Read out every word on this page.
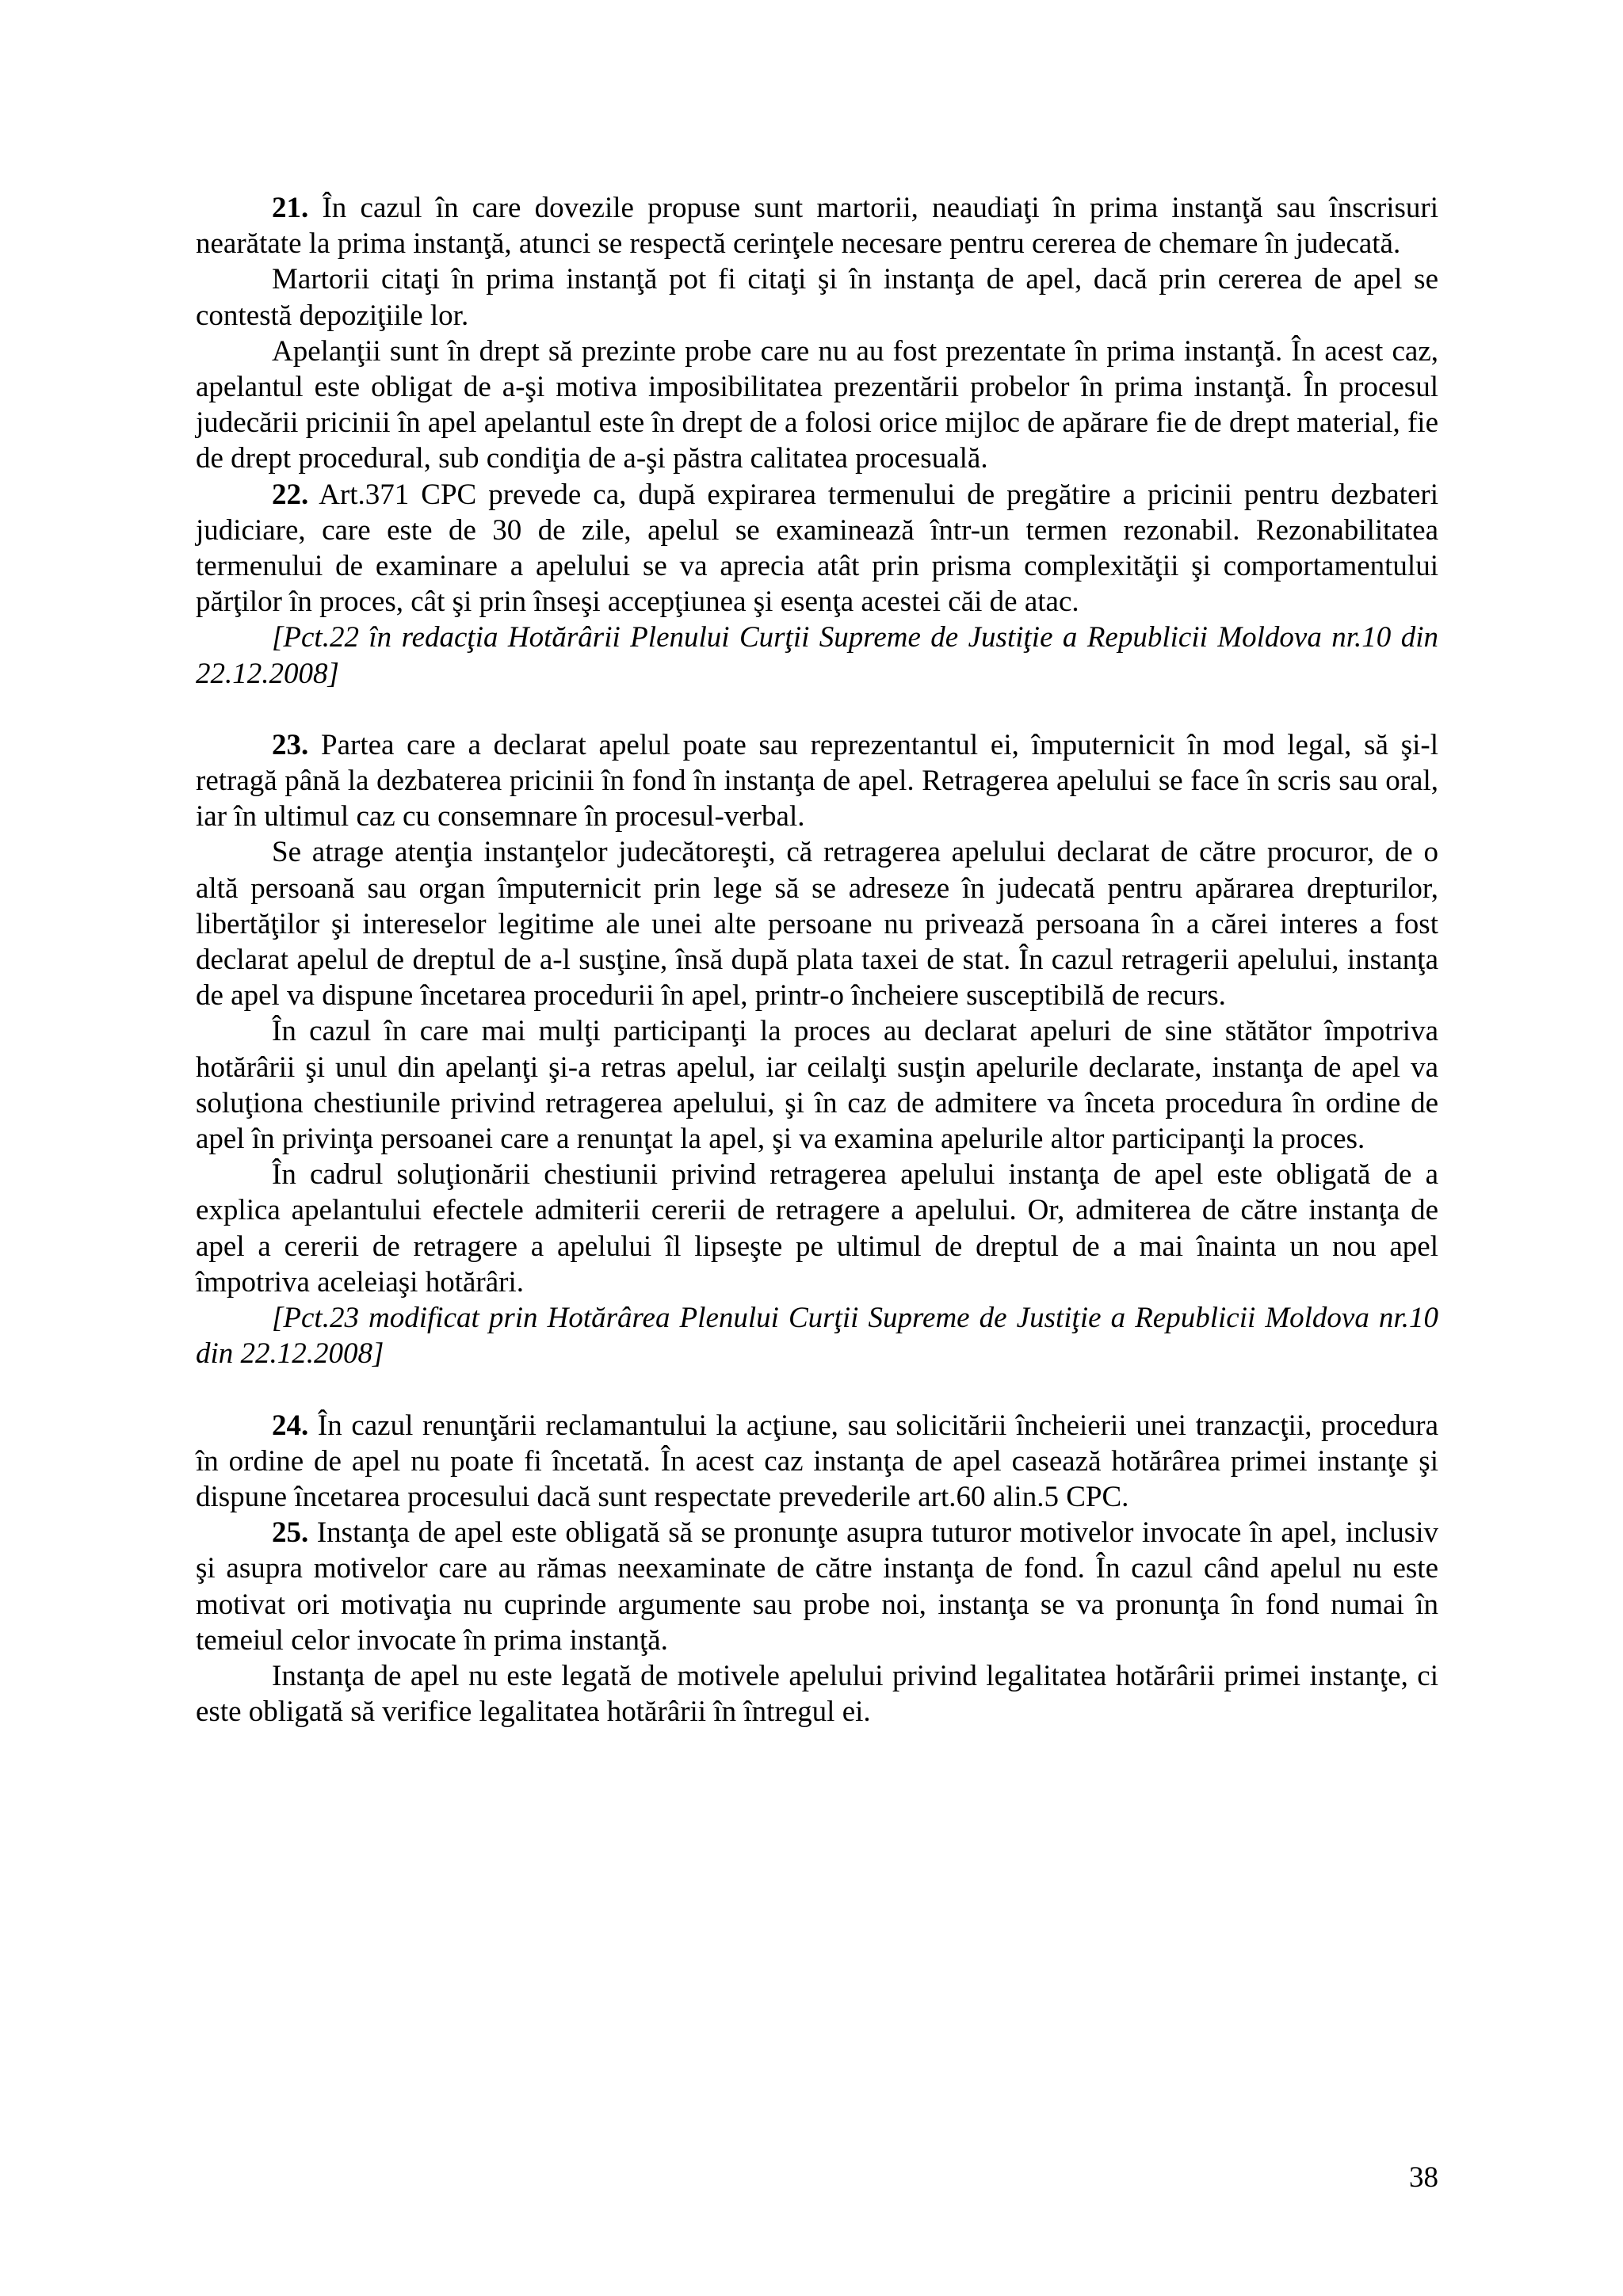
21. În cazul în care dovezile propuse sunt martorii, neaudiaţi în prima instanţă sau înscrisuri nearătate la prima instanţă, atunci se respectă cerinţele necesare pentru cererea de chemare în judecată.

Martorii citaţi în prima instanţă pot fi citaţi şi în instanţa de apel, dacă prin cererea de apel se contestă depoziţiile lor.

Apelanţii sunt în drept să prezinte probe care nu au fost prezentate în prima instanţă. În acest caz, apelantul este obligat de a-şi motiva imposibilitatea prezentării probelor în prima instanţă. În procesul judecării pricinii în apel apelantul este în drept de a folosi orice mijloc de apărare fie de drept material, fie de drept procedural, sub condiţia de a-şi păstra calitatea procesuală.

22. Art.371 CPC prevede ca, după expirarea termenului de pregătire a pricinii pentru dezbateri judiciare, care este de 30 de zile, apelul se examinează într-un termen rezonabil. Rezonabilitatea termenului de examinare a apelului se va aprecia atât prin prisma complexităţii şi comportamentului părţilor în proces, cât şi prin înseşi accepţiunea şi esenţa acestei căi de atac.

[Pct.22 în redacţia Hotărârii Plenului Curţii Supreme de Justiţie a Republicii Moldova nr.10 din 22.12.2008]

23. Partea care a declarat apelul poate sau reprezentantul ei, împuternicit în mod legal, să şi-l retragă până la dezbaterea pricinii în fond în instanţa de apel. Retragerea apelului se face în scris sau oral, iar în ultimul caz cu consemnare în procesul-verbal.

Se atrage atenţia instanţelor judecătoreşti, că retragerea apelului declarat de către procuror, de o altă persoană sau organ împuternicit prin lege să se adreseze în judecată pentru apărarea drepturilor, libertăţilor şi intereselor legitime ale unei alte persoane nu privează persoana în a cărei interes a fost declarat apelul de dreptul de a-l susţine, însă după plata taxei de stat. În cazul retragerii apelului, instanţa de apel va dispune încetarea procedurii în apel, printr-o încheiere susceptibilă de recurs.

În cazul în care mai mulţi participanţi la proces au declarat apeluri de sine stătător împotriva hotărârii şi unul din apelanţi şi-a retras apelul, iar ceilalţi susţin apelurile declarate, instanţa de apel va soluţiona chestiunile privind retragerea apelului, şi în caz de admitere va înceta procedura în ordine de apel în privinţa persoanei care a renunţat la apel, şi va examina apelurile altor participanţi la proces.

În cadrul soluţionării chestiunii privind retragerea apelului instanţa de apel este obligată de a explica apelantului efectele admiterii cererii de retragere a apelului. Or, admiterea de către instanţa de apel a cererii de retragere a apelului îl lipseşte pe ultimul de dreptul de a mai înainta un nou apel împotriva aceleiaşi hotărâri.

[Pct.23 modificat prin Hotărârea Plenului Curţii Supreme de Justiţie a Republicii Moldova nr.10 din 22.12.2008]

24. În cazul renunţării reclamantului la acţiune, sau solicitării încheierii unei tranzacţii, procedura în ordine de apel nu poate fi încetată. În acest caz instanţa de apel casează hotărârea primei instanţe şi dispune încetarea procesului dacă sunt respectate prevederile art.60 alin.5 CPC.

25. Instanţa de apel este obligată să se pronunţe asupra tuturor motivelor invocate în apel, inclusiv şi asupra motivelor care au rămas neexaminate de către instanţa de fond. În cazul când apelul nu este motivat ori motivaţia nu cuprinde argumente sau probe noi, instanţa se va pronunţa în fond numai în temeiul celor invocate în prima instanţă.

Instanţa de apel nu este legată de motivele apelului privind legalitatea hotărârii primei instanţe, ci este obligată să verifice legalitatea hotărârii în întregul ei.

38
